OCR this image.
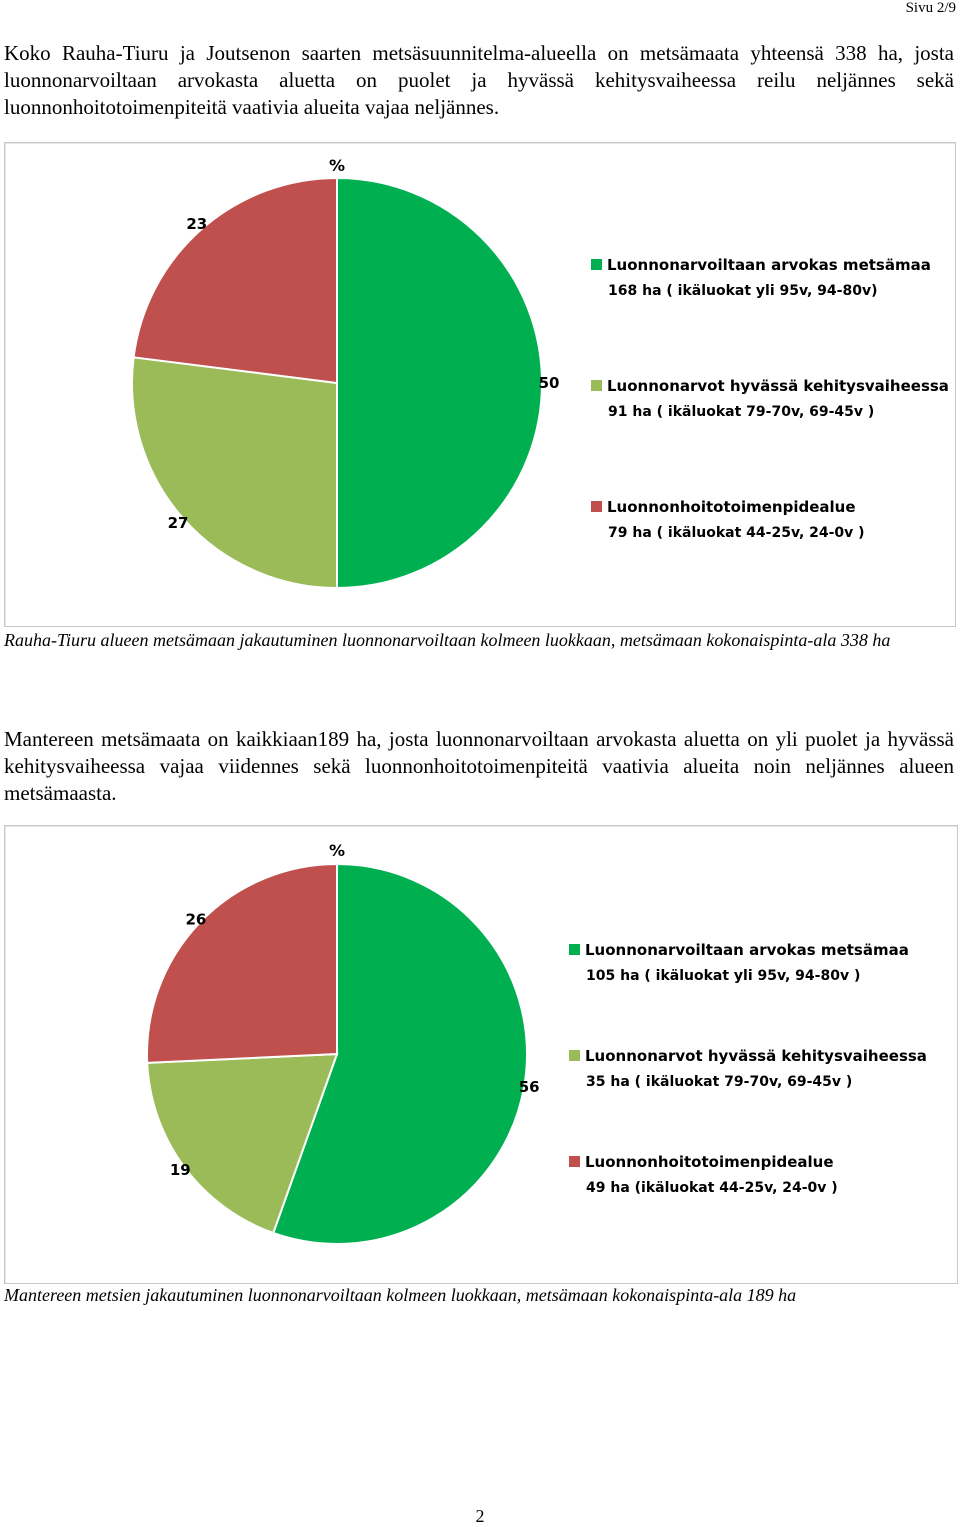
Sivu 2/9

Koko Rauha-Tiuru ja Joutsenon saarten metsäsuunnitelma-alueella on metsämaata yhteensä 338 ha, josta luonnonarvoiltaan arvokasta aluetta on puolet ja hyvässä kehitysvaiheessa reilu neljännes sekä luonnonhoitotoimenpiteitä vaativia alueita vajaa neljännes.

%
50
27
23
Luonnonarvoiltaan arvokas metsämaa
168 ha ( ikäluokat yli 95v, 94-80v)
Luonnonarvot hyvässä kehitysvaiheessa
91 ha ( ikäluokat 79-70v, 69-45v )
Luonnonhoitotoimenpidealue
79 ha ( ikäluokat 44-25v, 24-0v )

Rauha-Tiuru alueen metsämaan jakautuminen luonnonarvoiltaan kolmeen luokkaan, metsämaan kokonaispinta-ala 338 ha

Mantereen metsämaata on kaikkiaan189 ha, josta luonnonarvoiltaan arvokasta aluetta on yli puolet ja hyvässä kehitysvaiheessa vajaa viidennes sekä luonnonhoitotoimenpiteitä vaativia alueita noin neljännes alueen metsämaasta.

%
56
19
26
Luonnonarvoiltaan arvokas metsämaa
105 ha ( ikäluokat yli 95v, 94-80v )
Luonnonarvot hyvässä kehitysvaiheessa
35 ha ( ikäluokat 79-70v, 69-45v )
Luonnonhoitotoimenpidealue
49 ha (ikäluokat 44-25v, 24-0v )

Mantereen metsien jakautuminen luonnonarvoiltaan kolmeen luokkaan, metsämaan kokonaispinta-ala 189 ha

2
